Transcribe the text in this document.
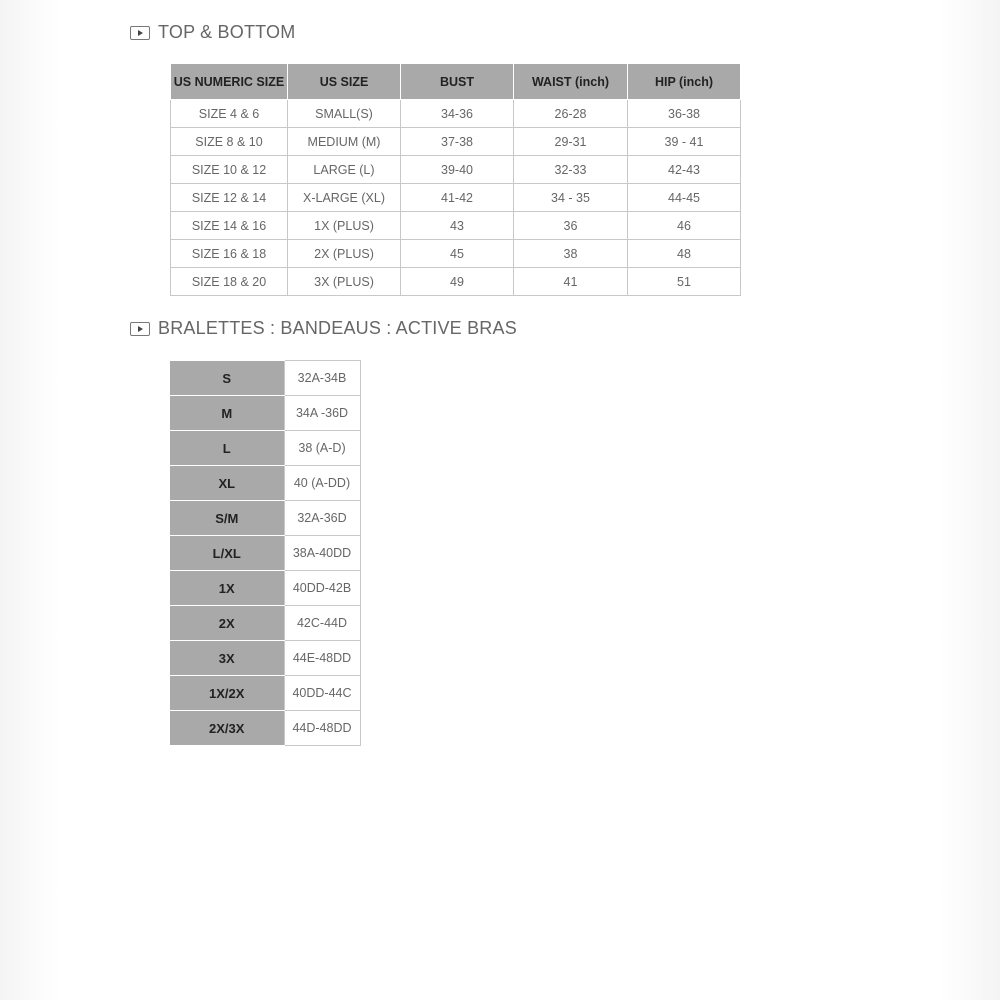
TOP & BOTTOM
US NUMERIC SIZE	US SIZE	BUST	WAIST (inch)	HIP (inch)
SIZE 4 & 6	SMALL(S)	34-36	26-28	36-38
SIZE 8 & 10	MEDIUM (M)	37-38	29-31	39 - 41
SIZE 10 & 12	LARGE (L)	39-40	32-33	42-43
SIZE 12 & 14	X-LARGE (XL)	41-42	34 - 35	44-45
SIZE 14 & 16	1X (PLUS)	43	36	46
SIZE 16 & 18	2X (PLUS)	45	38	48
SIZE 18 & 20	3X (PLUS)	49	41	51
BRALETTES : BANDEAUS : ACTIVE BRAS
S	32A-34B
M	34A -36D
L	38 (A-D)
XL	40 (A-DD)
S/M	32A-36D
L/XL	38A-40DD
1X	40DD-42B
2X	42C-44D
3X	44E-48DD
1X/2X	40DD-44C
2X/3X	44D-48DD
